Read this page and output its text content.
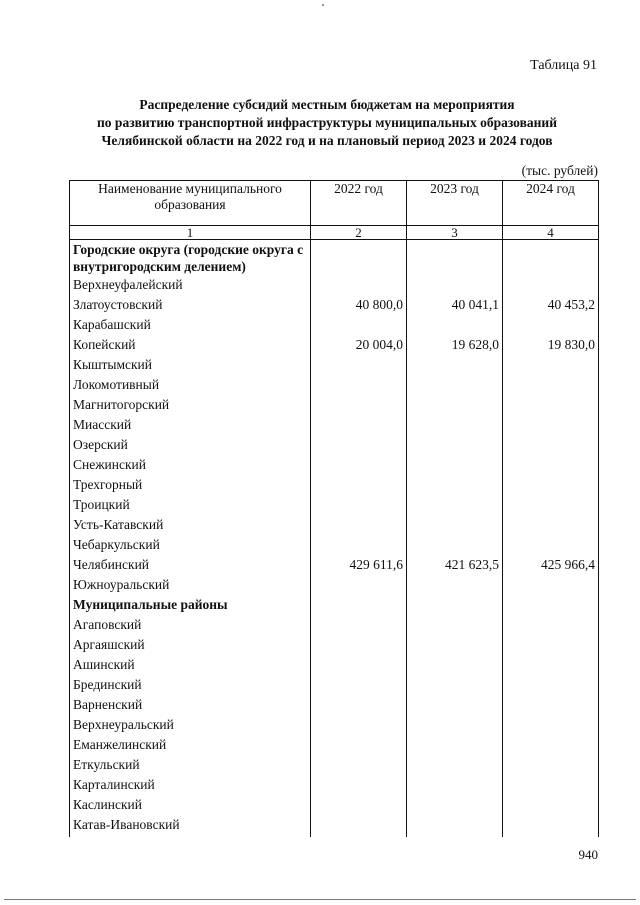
Таблица 91
Распределение субсидий местным бюджетам на мероприятия
по развитию транспортной инфраструктуры муниципальных образований
Челябинской области на 2022 год и на плановый период 2023 и 2024 годов
(тыс. рублей)
Наименование муниципального образования	2022 год	2023 год	2024 год
1	2	3	4
Городские округа (городские округа с внутригородским делением)			
Верхнеуфалейский			
Златоустовский	40 800,0	40 041,1	40 453,2
Карабашский			
Копейский	20 004,0	19 628,0	19 830,0
Кыштымский			
Локомотивный			
Магнитогорский			
Миасский			
Озерский			
Снежинский			
Трехгорный			
Троицкий			
Усть-Катавский			
Чебаркульский			
Челябинский	429 611,6	421 623,5	425 966,4
Южноуральский			
Муниципальные районы			
Агаповский			
Аргаяшский			
Ашинский			
Брединский			
Варненский			
Верхнеуральский			
Еманжелинский			
Еткульский			
Карталинский			
Каслинский			
Катав-Ивановский			
940
